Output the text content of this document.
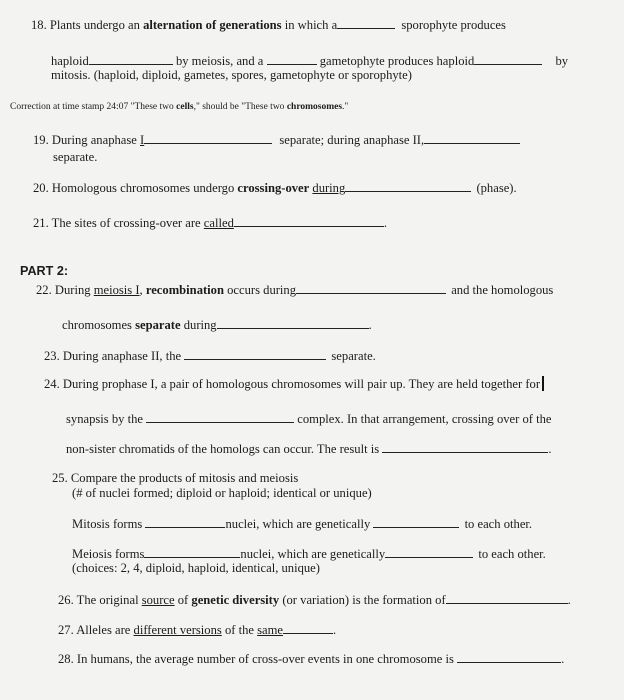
18. Plants undergo an alternation of generations in which a	sporophyte produces
haploid	by meiosis, and a	gametophyte produces haploid	by
mitosis. (haploid, diploid, gametes, spores, gametophyte or sporophyte)
Correction at time stamp 24:07 "These two cells," should be "These two chromosomes."
19. During anaphase I	separate; during anaphase II,
separate.
20. Homologous chromosomes undergo crossing-over during	(phase).
21. The sites of crossing-over are called	.
PART 2:
22. During meiosis I, recombination occurs during	and the homologous
chromosomes separate during	.
23. During anaphase II, the	separate.
24. During prophase I, a pair of homologous chromosomes will pair up. They are held together for
synapsis by the	complex. In that arrangement, crossing over of the
non-sister chromatids of the homologs can occur. The result is	.
25. Compare the products of mitosis and meiosis
(# of nuclei formed; diploid or haploid; identical or unique)
Mitosis forms	nuclei, which are genetically	to each other.
Meiosis forms	nuclei, which are genetically	to each other.
(choices: 2, 4, diploid, haploid, identical, unique)
26. The original source of genetic diversity (or variation) is the formation of	.
27. Alleles are different versions of the same	.
28. In humans, the average number of cross-over events in one chromosome is	.
